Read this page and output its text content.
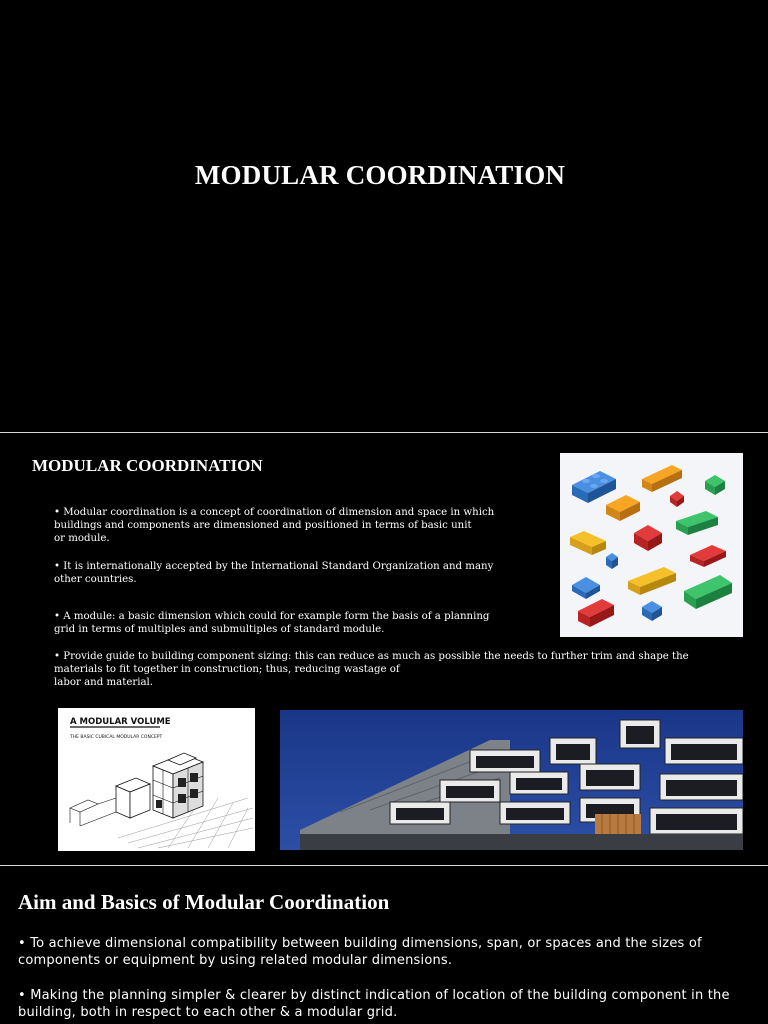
MODULAR COORDINATION
MODULAR COORDINATION
• Modular coordination is a concept of coordination of dimension and space in which
buildings and components are dimensioned and positioned in terms of basic unit
or module.
• It is internationally accepted by the International Standard Organization and many
other countries.
• A module: a basic dimension which could for example form the basis of a planning
grid in terms of multiples and submultiples of standard module.
• Provide guide to building component sizing: this can reduce as much as possible the needs to further trim and shape the
materials to fit together in construction; thus, reducing wastage of
labor and material.
A MODULAR VOLUME
THE BASIC CUBICAL MODULAR CONCEPT
Aim and Basics of Modular Coordination
• To achieve dimensional compatibility between building dimensions, span, or spaces and the sizes of components or equipment by using related modular dimensions.
• Making the planning simpler & clearer by distinct indication of location of the building component in the building, both in respect to each other & a modular grid.
